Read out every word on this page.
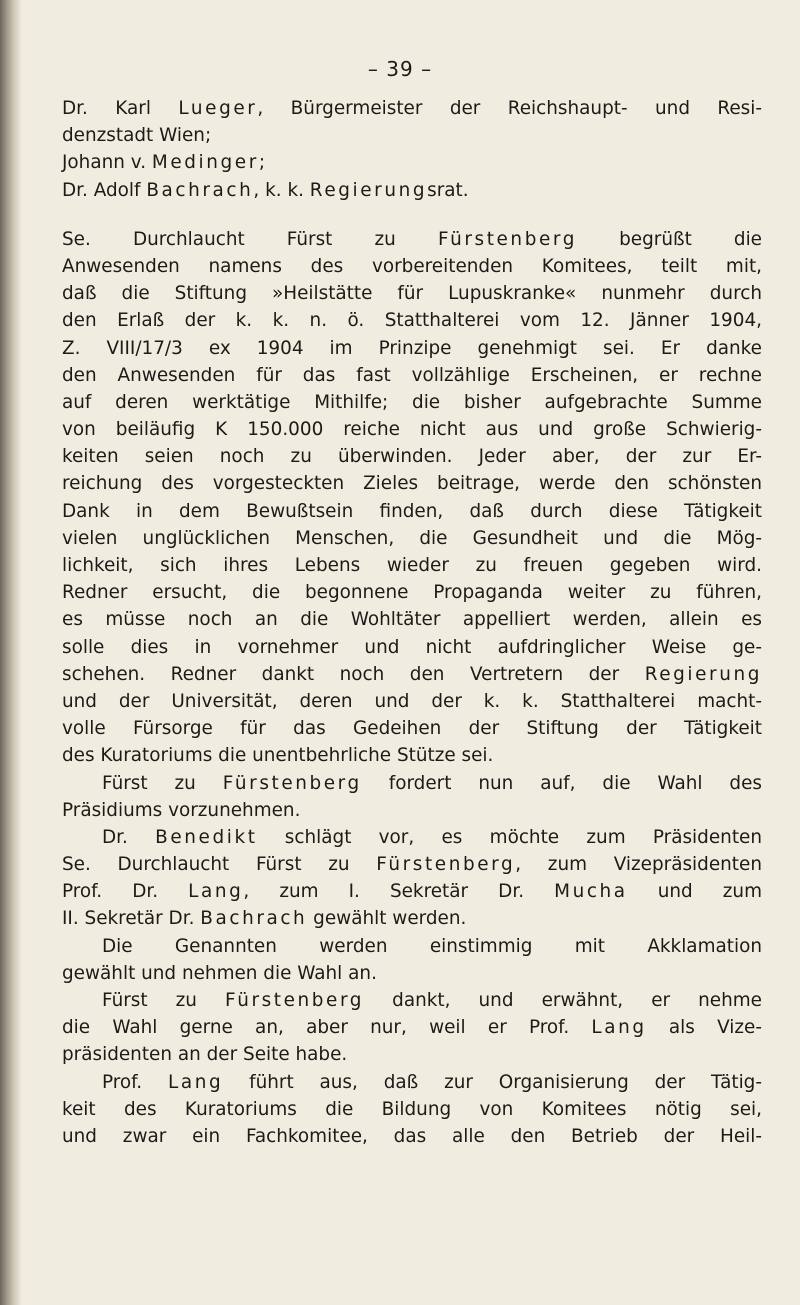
– 39 –
Dr. Karl Lueger, Bürgermeister der Reichshaupt- und Resi-
denzstadt Wien;
Johann v. Medinger;
Dr. Adolf Bachrach, k. k. Regierungsrat.
Se. Durchlaucht Fürst zu Fürstenberg begrüßt die
Anwesenden namens des vorbereitenden Komitees, teilt mit,
daß die Stiftung »Heilstätte für Lupuskranke« nunmehr durch
den Erlaß der k. k. n. ö. Statthalterei vom 12. Jänner 1904,
Z. VIII/17/3 ex 1904 im Prinzipe genehmigt sei. Er danke
den Anwesenden für das fast vollzählige Erscheinen, er rechne
auf deren werktätige Mithilfe; die bisher aufgebrachte Summe
von beiläufig K 150.000 reiche nicht aus und große Schwierig-
keiten seien noch zu überwinden. Jeder aber, der zur Er-
reichung des vorgesteckten Zieles beitrage, werde den schönsten
Dank in dem Bewußtsein finden, daß durch diese Tätigkeit
vielen unglücklichen Menschen, die Gesundheit und die Mög-
lichkeit, sich ihres Lebens wieder zu freuen gegeben wird.
Redner ersucht, die begonnene Propaganda weiter zu führen,
es müsse noch an die Wohltäter appelliert werden, allein es
solle dies in vornehmer und nicht aufdringlicher Weise ge-
schehen. Redner dankt noch den Vertretern der Regierung
und der Universität, deren und der k. k. Statthalterei macht-
volle Fürsorge für das Gedeihen der Stiftung der Tätigkeit
des Kuratoriums die unentbehrliche Stütze sei.
Fürst zu Fürstenberg fordert nun auf, die Wahl des
Präsidiums vorzunehmen.
Dr. Benedikt schlägt vor, es möchte zum Präsidenten
Se. Durchlaucht Fürst zu Fürstenberg, zum Vizepräsidenten
Prof. Dr. Lang, zum I. Sekretär Dr. Mucha und zum
II. Sekretär Dr. Bachrach gewählt werden.
Die Genannten werden einstimmig mit Akklamation
gewählt und nehmen die Wahl an.
Fürst zu Fürstenberg dankt, und erwähnt, er nehme
die Wahl gerne an, aber nur, weil er Prof. Lang als Vize-
präsidenten an der Seite habe.
Prof. Lang führt aus, daß zur Organisierung der Tätig-
keit des Kuratoriums die Bildung von Komitees nötig sei,
und zwar ein Fachkomitee, das alle den Betrieb der Heil-
